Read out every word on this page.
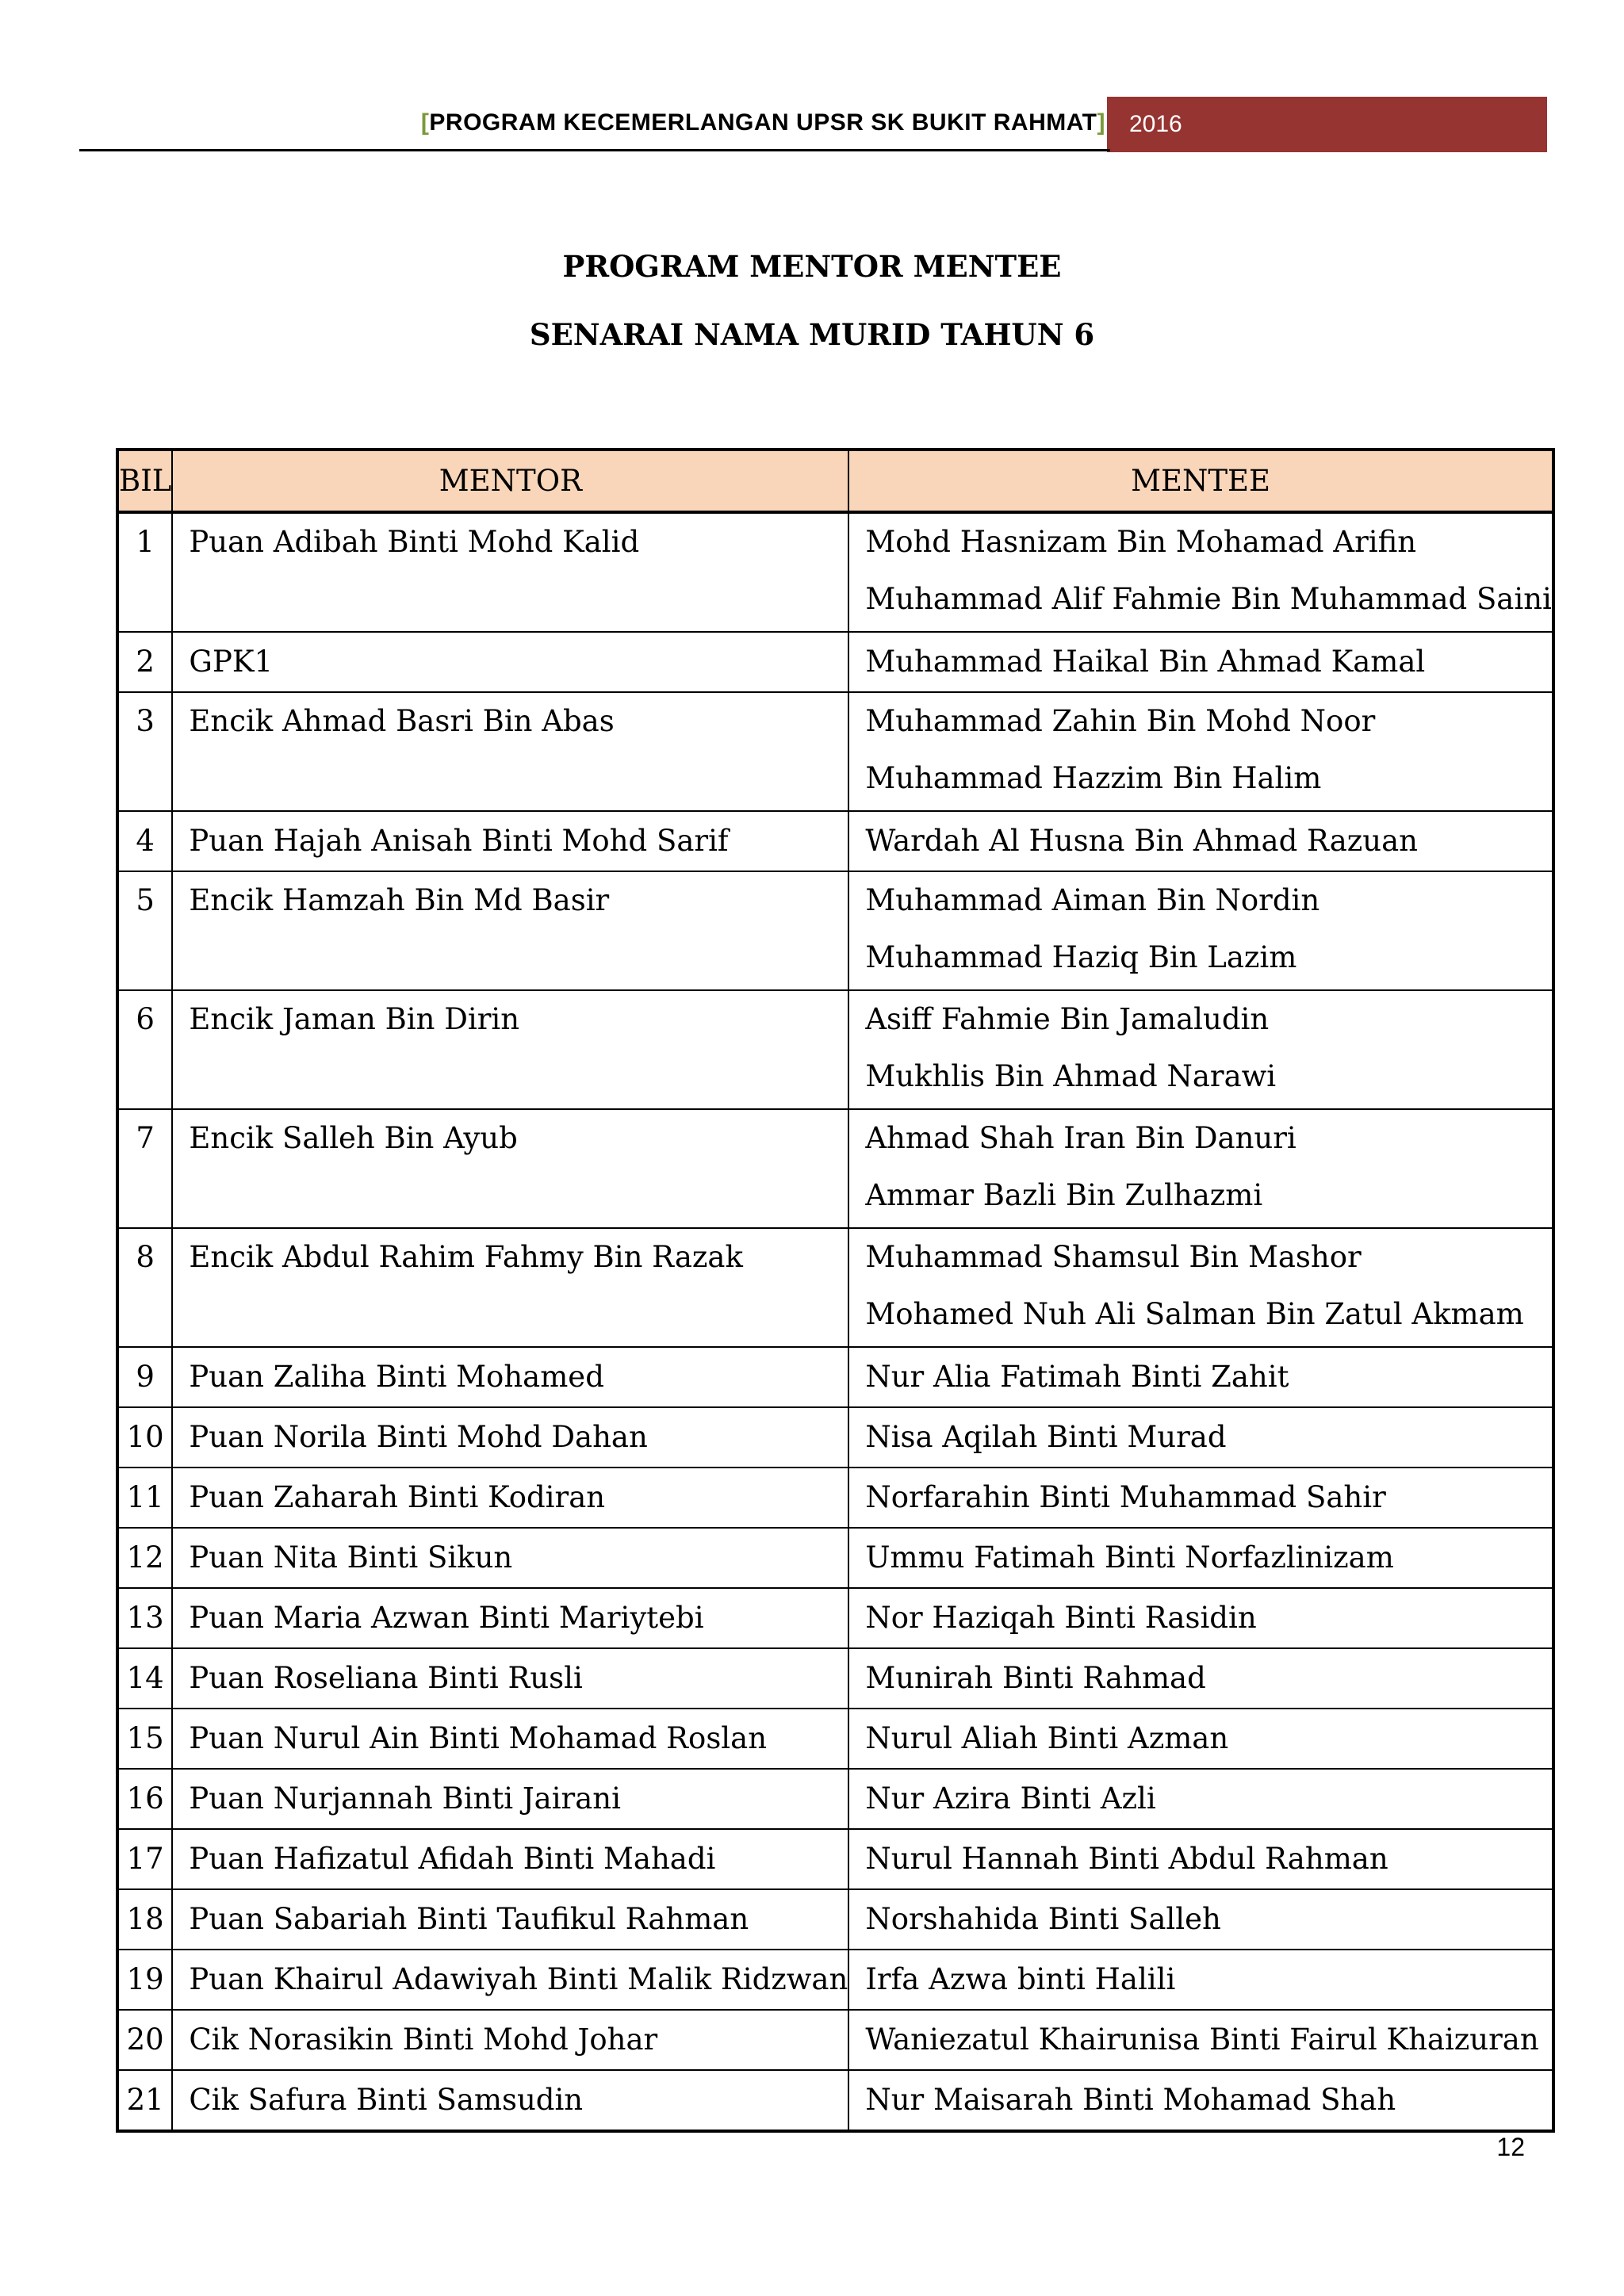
[PROGRAM KECEMERLANGAN UPSR SK BUKIT RAHMAT]	2016
PROGRAM MENTOR MENTEE
SENARAI NAMA MURID TAHUN 6
BIL	MENTOR	MENTEE

1	Puan Adibah Binti Mohd Kalid	Mohd Hasnizam Bin Mohamad Arifin
Muhammad Alif Fahmie Bin Muhammad Saini

2	GPK1	Muhammad Haikal Bin Ahmad Kamal

3	Encik Ahmad Basri Bin Abas	Muhammad Zahin Bin Mohd Noor
Muhammad Hazzim Bin Halim

4	Puan Hajah Anisah Binti Mohd Sarif	Wardah Al Husna Bin Ahmad Razuan

5	Encik Hamzah Bin Md Basir	Muhammad Aiman Bin Nordin
Muhammad Haziq Bin Lazim

6	Encik Jaman Bin Dirin	Asiff Fahmie Bin Jamaludin
Mukhlis Bin Ahmad Narawi

7	Encik Salleh Bin Ayub	Ahmad Shah Iran Bin Danuri
Ammar Bazli Bin Zulhazmi

8	Encik Abdul Rahim Fahmy Bin Razak	Muhammad Shamsul Bin Mashor
Mohamed Nuh Ali Salman Bin Zatul Akmam

9	Puan Zaliha Binti Mohamed	Nur Alia Fatimah Binti Zahit

10	Puan Norila Binti Mohd Dahan	Nisa Aqilah Binti Murad

11	Puan Zaharah Binti Kodiran	Norfarahin Binti Muhammad Sahir

12	Puan Nita Binti Sikun	Ummu Fatimah Binti Norfazlinizam

13	Puan Maria Azwan Binti Mariytebi	Nor Haziqah Binti Rasidin

14	Puan Roseliana Binti Rusli	Munirah Binti Rahmad

15	Puan Nurul Ain Binti Mohamad Roslan	Nurul Aliah Binti Azman

16	Puan Nurjannah Binti Jairani	Nur Azira Binti Azli

17	Puan Hafizatul Afidah Binti Mahadi	Nurul Hannah Binti Abdul Rahman

18	Puan Sabariah Binti Taufikul Rahman	Norshahida Binti Salleh

19	Puan Khairul Adawiyah Binti Malik Ridzwan	Irfa Azwa binti Halili

20	Cik Norasikin Binti Mohd Johar	Waniezatul Khairunisa Binti Fairul Khaizuran

21	Cik Safura Binti Samsudin	Nur Maisarah Binti Mohamad Shah
12
